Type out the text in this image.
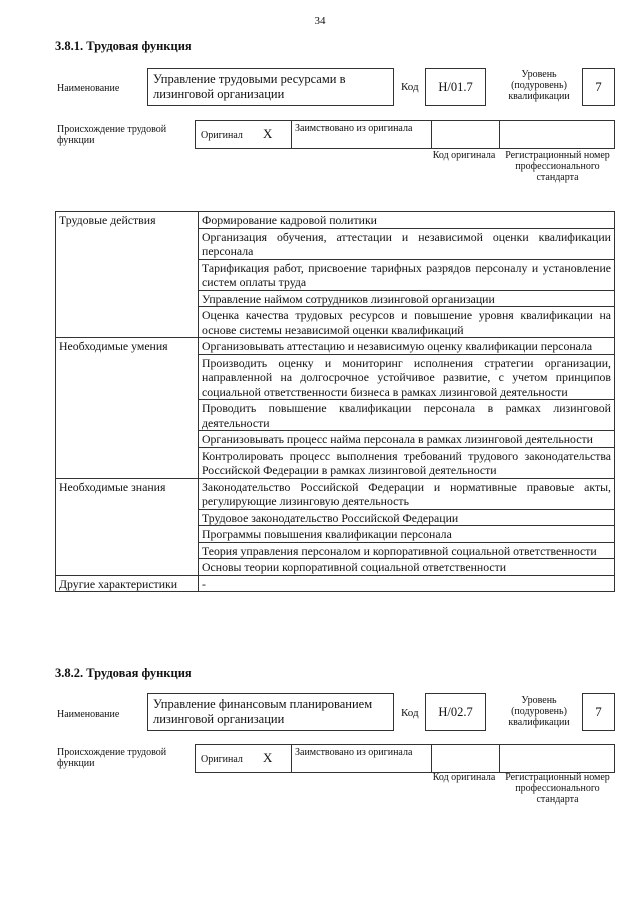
34
3.8.1. Трудовая функция
Наименование
Управление трудовыми ресурсами в лизинговой организации	Код	H/01.7
Уровень (подуровень) квалификации
7
Происхождение трудовой функции	Оригинал X Заимствовано из оригинала
Код оригинала Регистрационный номер профессионального стандарта
Трудовые действия	Формирование кадровой политики
	Организация обучения, аттестации и независимой оценки квалификации персонала
	Тарификация работ, присвоение тарифных разрядов персоналу и установление систем оплаты труда
	Управление наймом сотрудников лизинговой организации
	Оценка качества трудовых ресурсов и повышение уровня квалификации на основе системы независимой оценки квалификаций
Необходимые умения	Организовывать аттестацию и независимую оценку квалификации персонала
	Производить оценку и мониторинг исполнения стратегии организации, направленной на долгосрочное устойчивое развитие, с учетом принципов социальной ответственности бизнеса в рамках лизинговой деятельности
	Проводить повышение квалификации персонала в рамках лизинговой деятельности
	Организовывать процесс найма персонала в рамках лизинговой деятельности
	Контролировать процесс выполнения требований трудового законодательства Российской Федерации в рамках лизинговой деятельности
Необходимые знания	Законодательство Российской Федерации и нормативные правовые акты, регулирующие лизинговую деятельность
	Трудовое законодательство Российской Федерации
	Программы повышения квалификации персонала
	Теория управления персоналом и корпоративной социальной ответственности
	Основы теории корпоративной социальной ответственности
Другие характеристики	-
3.8.2. Трудовая функция
Наименование
Управление финансовым планированием лизинговой организации	Код	H/02.7
Уровень (подуровень) квалификации
7
Происхождение трудовой функции	Оригинал X Заимствовано из оригинала
Код оригинала Регистрационный номер профессионального стандарта
